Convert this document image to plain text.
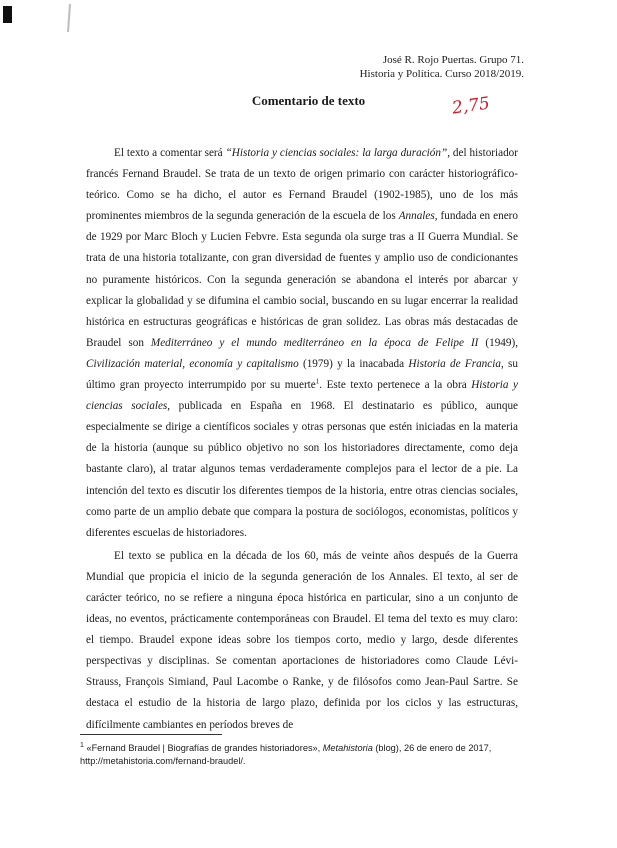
José R. Rojo Puertas. Grupo 71.
Historia y Política. Curso 2018/2019.
Comentario de texto	2,75

El texto a comentar será “Historia y ciencias sociales: la larga duración”, del historiador francés Fernand Braudel. Se trata de un texto de origen primario con carácter historiográfico-teórico. Como se ha dicho, el autor es Fernand Braudel (1902-1985), uno de los más prominentes miembros de la segunda generación de la escuela de los Annales, fundada en enero de 1929 por Marc Bloch y Lucien Febvre. Esta segunda ola surge tras a II Guerra Mundial. Se trata de una historia totalizante, con gran diversidad de fuentes y amplio uso de condicionantes no puramente históricos. Con la segunda generación se abandona el interés por abarcar y explicar la globalidad y se difumina el cambio social, buscando en su lugar encerrar la realidad histórica en estructuras geográficas e históricas de gran solidez. Las obras más destacadas de Braudel son Mediterráneo y el mundo mediterráneo en la época de Felipe II (1949), Civilización material, economía y capitalismo (1979) y la inacabada Historia de Francia, su último gran proyecto interrumpido por su muerte$^1$. Este texto pertenece a la obra Historia y ciencias sociales, publicada en España en 1968. El destinatario es público, aunque especialmente se dirige a científicos sociales y otras personas que estén iniciadas en la materia de la historia (aunque su público objetivo no son los historiadores directamente, como deja bastante claro), al tratar algunos temas verdaderamente complejos para el lector de a pie. La intención del texto es discutir los diferentes tiempos de la historia, entre otras ciencias sociales, como parte de un amplio debate que compara la postura de sociólogos, economistas, políticos y diferentes escuelas de historiadores.

El texto se publica en la década de los 60, más de veinte años después de la Guerra Mundial que propicia el inicio de la segunda generación de los Annales. El texto, al ser de carácter teórico, no se refiere a ninguna época histórica en particular, sino a un conjunto de ideas, no eventos, prácticamente contemporáneas con Braudel. El tema del texto es muy claro: el tiempo. Braudel expone ideas sobre los tiempos corto, medio y largo, desde diferentes perspectivas y disciplinas. Se comentan aportaciones de historiadores como Claude Lévi-Strauss, François Simiand, Paul Lacombe o Ranke, y de filósofos como Jean-Paul Sartre. Se destaca el estudio de la historia de largo plazo, definida por los ciclos y las estructuras, difícilmente cambiantes en períodos breves de

$^1$ «Fernand Braudel | Biografías de grandes historiadores», Metahistoria (blog), 26 de enero de 2017, http://metahistoria.com/fernand-braudel/.
